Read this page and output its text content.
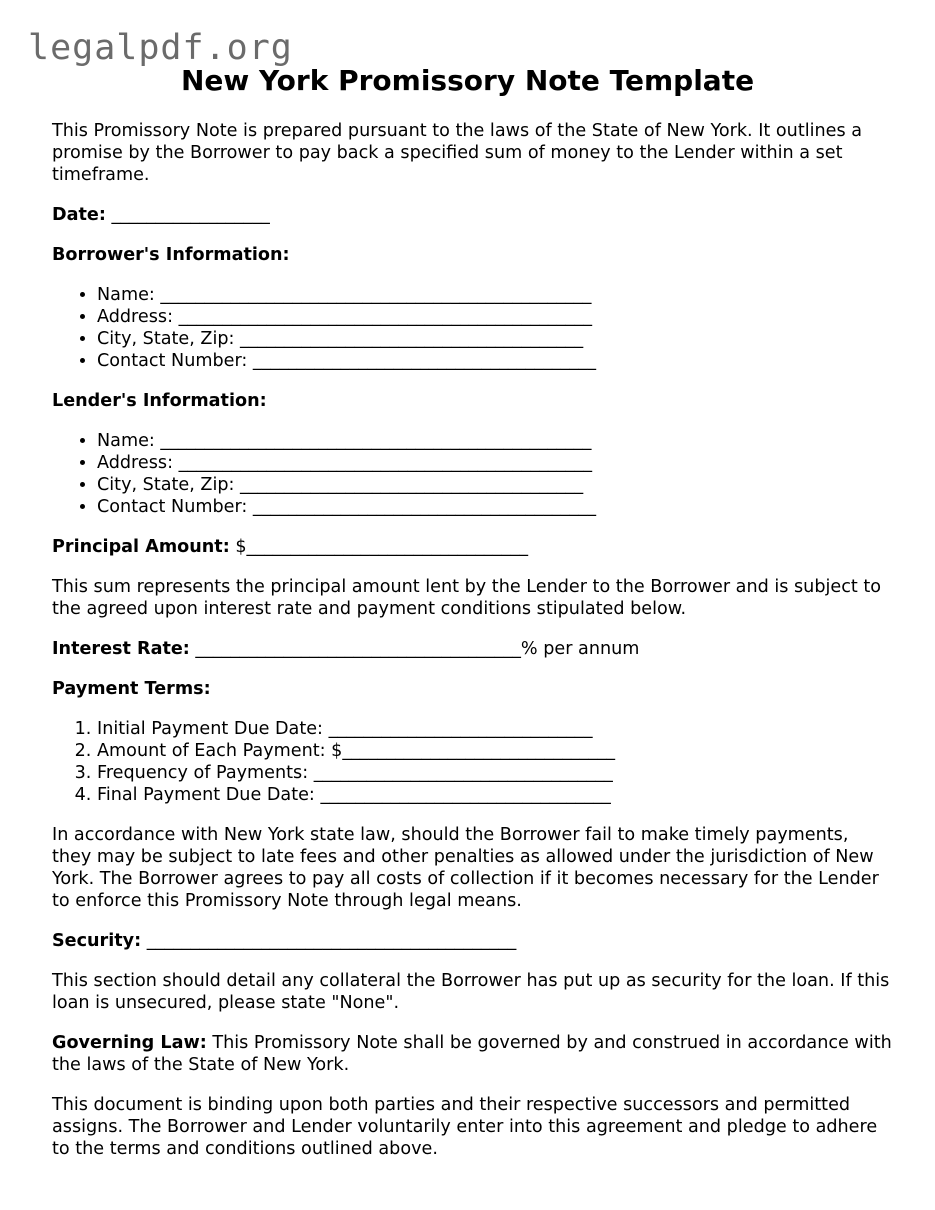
legalpdf.org
New York Promissory Note Template

This Promissory Note is prepared pursuant to the laws of the State of New York. It outlines a promise by the Borrower to pay back a specified sum of money to the Lender within a set timeframe.

Date: __________________

Borrower's Information:

• Name: _________________________________________________
• Address: _______________________________________________
• City, State, Zip: _______________________________________
• Contact Number: _______________________________________

Lender's Information:

• Name: _________________________________________________
• Address: _______________________________________________
• City, State, Zip: _______________________________________
• Contact Number: _______________________________________

Principal Amount: $________________________________

This sum represents the principal amount lent by the Lender to the Borrower and is subject to the agreed upon interest rate and payment conditions stipulated below.

Interest Rate: _____________________________________% per annum

Payment Terms:

1. Initial Payment Due Date: ______________________________
2. Amount of Each Payment: $_______________________________
3. Frequency of Payments: __________________________________
4. Final Payment Due Date: _________________________________

In accordance with New York state law, should the Borrower fail to make timely payments, they may be subject to late fees and other penalties as allowed under the jurisdiction of New York. The Borrower agrees to pay all costs of collection if it becomes necessary for the Lender to enforce this Promissory Note through legal means.

Security: __________________________________________

This section should detail any collateral the Borrower has put up as security for the loan. If this loan is unsecured, please state "None".

Governing Law: This Promissory Note shall be governed by and construed in accordance with the laws of the State of New York.

This document is binding upon both parties and their respective successors and permitted assigns. The Borrower and Lender voluntarily enter into this agreement and pledge to adhere to the terms and conditions outlined above.
